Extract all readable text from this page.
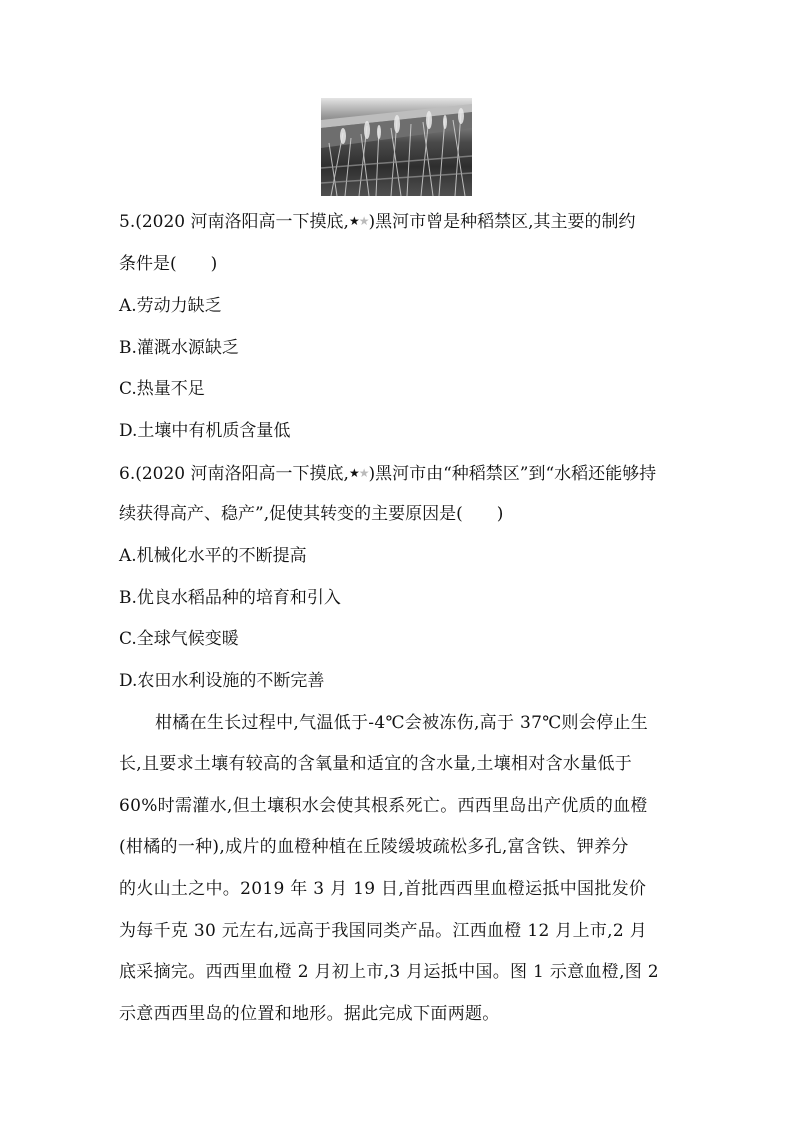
5.(2020 河南洛阳高一下摸底,★★)黑河市曾是种稻禁区,其主要的制约
条件是(　　)
A.劳动力缺乏
B.灌溉水源缺乏
C.热量不足
D.土壤中有机质含量低
6.(2020 河南洛阳高一下摸底,★★)黑河市由“种稻禁区”到“水稻还能够持
续获得高产、稳产”,促使其转变的主要原因是(　　)
A.机械化水平的不断提高
B.优良水稻品种的培育和引入
C.全球气候变暖
D.农田水利设施的不断完善
柑橘在生长过程中,气温低于-4℃会被冻伤,高于 37℃则会停止生
长,且要求土壤有较高的含氧量和适宜的含水量,土壤相对含水量低于
60%时需灌水,但土壤积水会使其根系死亡。西西里岛出产优质的血橙
(柑橘的一种),成片的血橙种植在丘陵缓坡疏松多孔,富含铁、钾养分
的火山土之中。2019 年 3 月 19 日,首批西西里血橙运抵中国批发价
为每千克 30 元左右,远高于我国同类产品。江西血橙 12 月上市,2 月
底采摘完。西西里血橙 2 月初上市,3 月运抵中国。图 1 示意血橙,图 2
示意西西里岛的位置和地形。据此完成下面两题。
